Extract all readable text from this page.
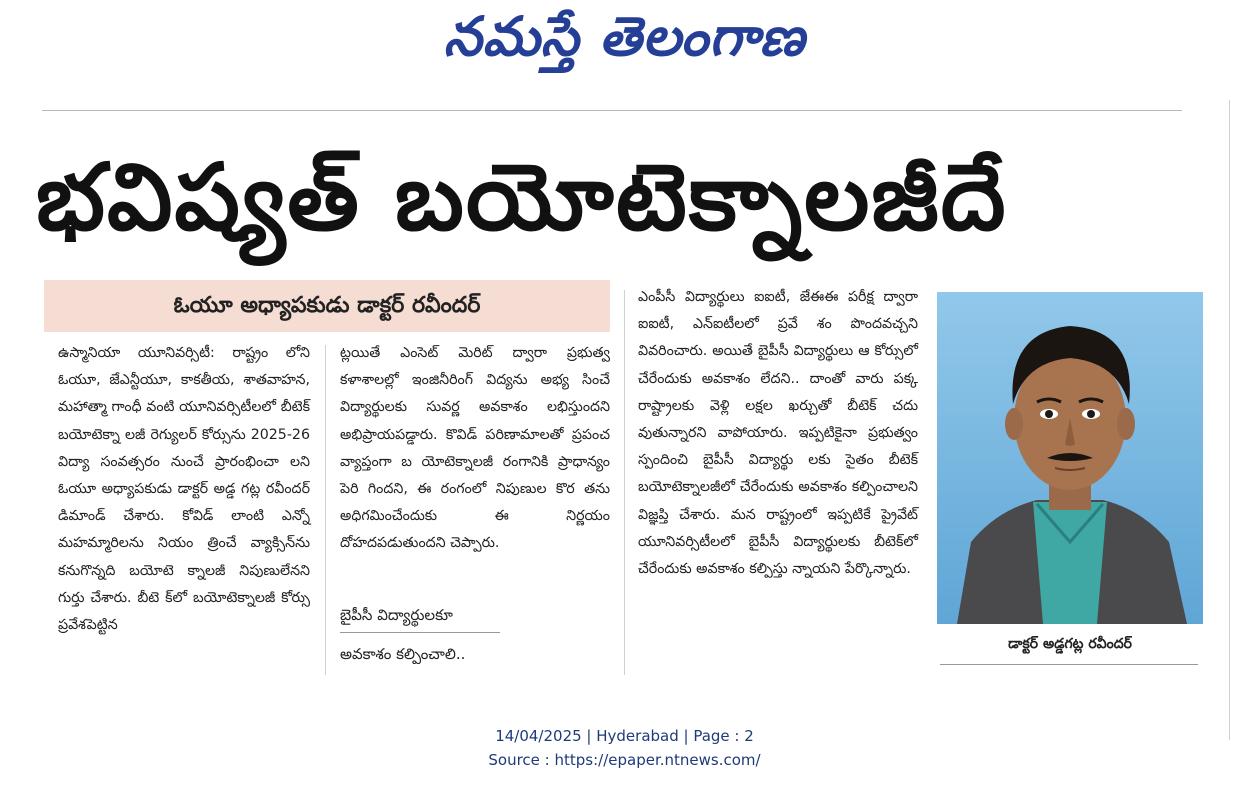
నమస్తే తెలంగాణ
భవిష్యత్ బయోటెక్నాలజీదే
ఓయూ అధ్యాపకుడు డాక్టర్ రవీందర్

ఉస్మానియా యూనివర్సిటీ: రాష్ట్రం లోని ఓయూ, జేఎన్టీయూ, కాకతీయ, శాతవాహన, మహాత్మా గాంధీ వంటి యూనివర్సిటీలలో బీటెక్ బయోటెక్నా లజీ రెగ్యులర్ కోర్సును 2025-26 విద్యా సంవత్సరం నుంచే ప్రారంభించా లని ఓయూ అధ్యాపకుడు డాక్టర్ అడ్డ గట్ల రవీందర్ డిమాండ్ చేశారు. కోవిడ్ లాంటి ఎన్నో మహమ్మారిలను నియం త్రించే వ్యాక్సిన్‌ను కనుగొన్నది బయోటె క్నాలజీ నిపుణులేనని గుర్తు చేశారు. బీటె క్‌లో బయోటెక్నాలజీ కోర్సు ప్రవేశపెట్టిన

ట్లయితే ఎంసెట్ మెరిట్ ద్వారా ప్రభుత్వ కళాశాలల్లో ఇంజినీరింగ్ విద్యను అభ్య సించే విద్యార్థులకు సువర్ణ అవకాశం లభిస్తుందని అభిప్రాయపడ్డారు. కొవిడ్ పరిణామాలతో ప్రపంచ వ్యాప్తంగా బ యోటెక్నాలజీ రంగానికి ప్రాధాన్యం పెరి గిందని, ఈ రంగంలో నిపుణుల కొర తను అధిగమించేందుకు ఈ నిర్ణయం దోహదపడుతుందని చెప్పారు.

బైపీసీ విద్యార్థులకూ
అవకాశం కల్పించాలి..

ఎంపీసీ విద్యార్థులు ఐఐటీ, జేఈఈ పరీక్ష ద్వారా ఐఐటీ, ఎన్ఐటీలలో ప్రవే శం పొందవచ్చని వివరించారు. అయితే బైపీసీ విద్యార్థులు ఆ కోర్సులో చేరేందుకు అవకాశం లేదని.. దాంతో వారు పక్క రాష్ట్రాలకు వెళ్లి లక్షల ఖర్చుతో బీటెక్ చదు వుతున్నారని వాపోయారు. ఇప్పటికైనా ప్రభుత్వం స్పందించి బైపీసీ విద్యార్థు లకు సైతం బీటెక్ బయోటెక్నాలజీలో చేరేందుకు అవకాశం కల్పించాలని విజ్ఞప్తి చేశారు. మన రాష్ట్రంలో ఇప్పటికే ప్రైవేట్ యూనివర్సిటీలలో బైపీసీ విద్యార్థులకు బీటెక్‌లో చేరేందుకు అవకాశం కల్పిస్తు న్నాయని పేర్కొన్నారు.

డాక్టర్ అడ్డగట్ల రవీందర్
14/04/2025 | Hyderabad | Page : 2
Source : https://epaper.ntnews.com/
